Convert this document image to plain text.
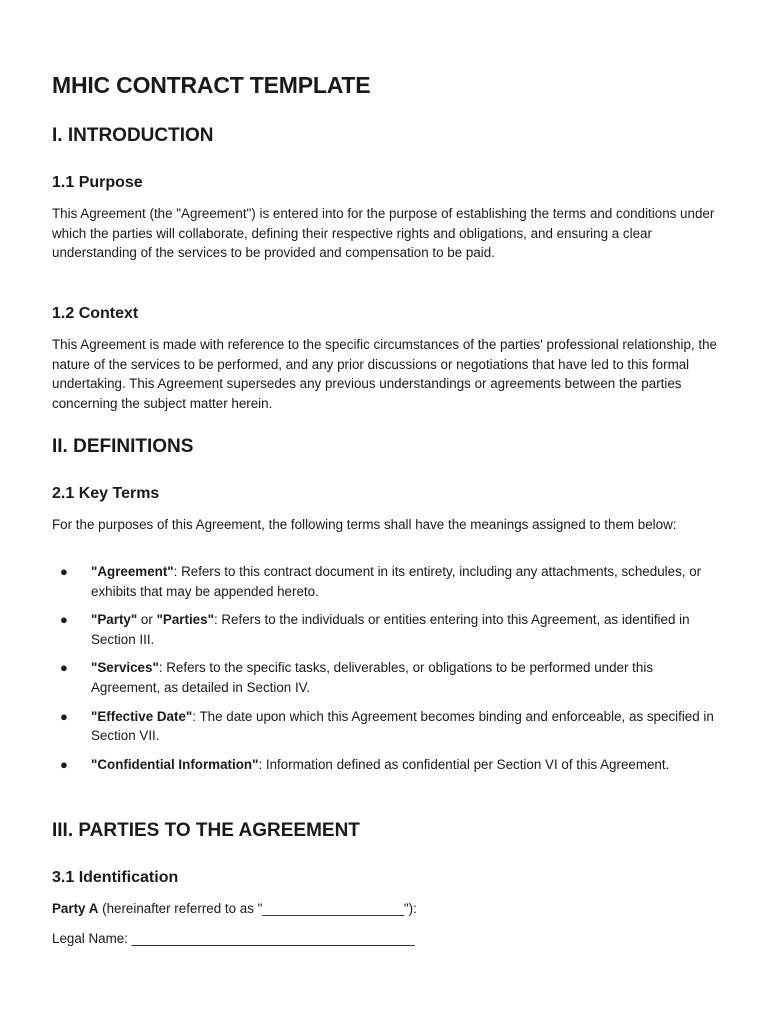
MHIC CONTRACT TEMPLATE
I. INTRODUCTION
1.1 Purpose

This Agreement (the "Agreement") is entered into for the purpose of establishing the terms and conditions under which the parties will collaborate, defining their respective rights and obligations, and ensuring a clear understanding of the services to be provided and compensation to be paid.

1.2 Context

This Agreement is made with reference to the specific circumstances of the parties' professional relationship, the nature of the services to be performed, and any prior discussions or negotiations that have led to this formal undertaking. This Agreement supersedes any previous understandings or agreements between the parties concerning the subject matter herein.

II. DEFINITIONS
2.1 Key Terms

For the purposes of this Agreement, the following terms shall have the meanings assigned to them below:

● "Agreement": Refers to this contract document in its entirety, including any attachments, schedules, or exhibits that may be appended hereto.
● "Party" or "Parties": Refers to the individuals or entities entering into this Agreement, as identified in Section III.
● "Services": Refers to the specific tasks, deliverables, or obligations to be performed under this Agreement, as detailed in Section IV.
● "Effective Date": The date upon which this Agreement becomes binding and enforceable, as specified in Section VII.
● "Confidential Information": Information defined as confidential per Section VI of this Agreement.
III. PARTIES TO THE AGREEMENT
3.1 Identification

Party A (hereinafter referred to as "___________________"):

Legal Name: ______________________________________
